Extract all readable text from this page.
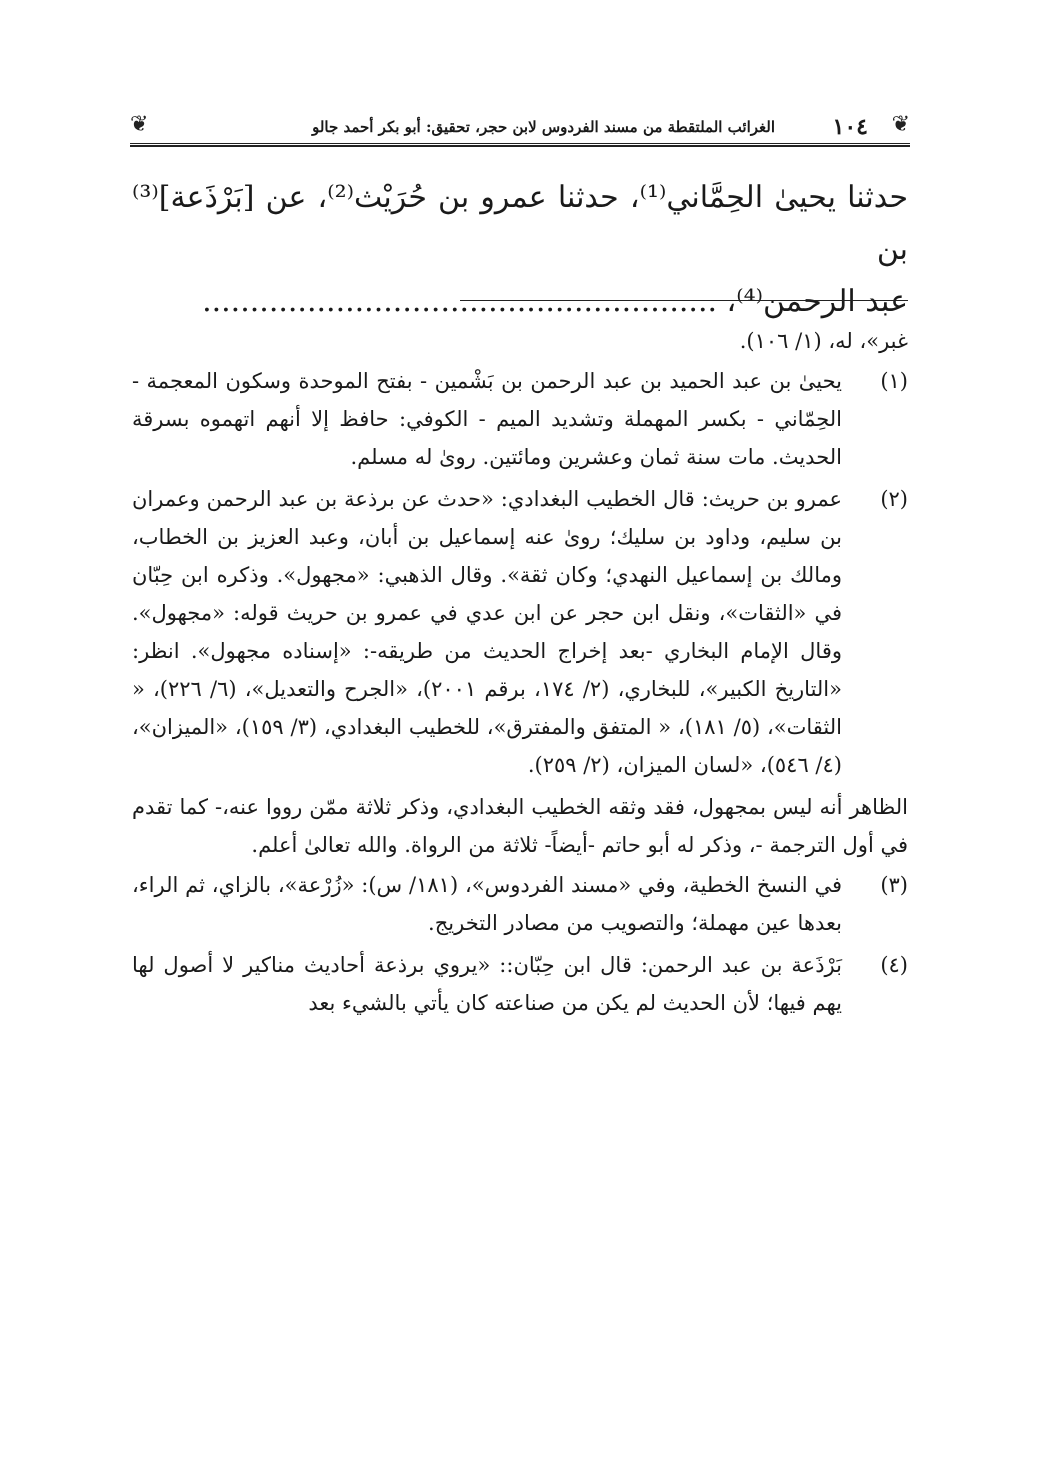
❦
١٠٤
الغرائب الملتقطة من مسند الفردوس لابن حجر، تحقيق: أبو بكر أحمد جالو
❦

حدثنا يحيىٰ الحِمَّاني⁽¹⁾، حدثنا عمرو بن حُرَيْث⁽²⁾، عن [بَرْذَعة]⁽³⁾ بن

عبد الرحمن⁽⁴⁾، ......................................................

غبر»، له، (١/ ١٠٦).

(١)

يحيىٰ بن عبد الحميد بن عبد الرحمن بن بَشْمين - بفتح الموحدة وسكون المعجمة - الحِمّاني - بكسر المهملة وتشديد الميم - الكوفي: حافظ إلا أنهم اتهموه بسرقة الحديث. مات سنة ثمان وعشرين ومائتين. روىٰ له مسلم.

(٢)

عمرو بن حريث: قال الخطيب البغدادي: «حدث عن برذعة بن عبد الرحمن وعمران بن سليم، وداود بن سليك؛ روىٰ عنه إسماعيل بن أبان، وعبد العزيز بن الخطاب، ومالك بن إسماعيل النهدي؛ وكان ثقة». وقال الذهبي: «مجهول». وذكره ابن حِبّان في «الثقات»، ونقل ابن حجر عن ابن عدي في عمرو بن حريث قوله: «مجهول». وقال الإمام البخاري -بعد إخراج الحديث من طريقه-: «إسناده مجهول». انظر: «التاريخ الكبير»، للبخاري، (٢/ ١٧٤، برقم ٢٠٠١)، «الجرح والتعديل»، (٦/ ٢٢٦)، « الثقات»، (٥/ ١٨١)، « المتفق والمفترق»، للخطيب البغدادي، (٣/ ١٥٩)، «الميزان»، (٤/ ٥٤٦)، «لسان الميزان، (٢/ ٢٥٩).

الظاهر أنه ليس بمجهول، فقد وثقه الخطيب البغدادي، وذكر ثلاثة ممّن رووا عنه،- كما تقدم في أول الترجمة -، وذكر له أبو حاتم -أيضاً- ثلاثة من الرواة. والله تعالىٰ أعلم.

(٣)

في النسخ الخطية، وفي «مسند الفردوس»، (١٨١/ س): «زُرْعة»، بالزاي، ثم الراء، بعدها عين مهملة؛ والتصويب من مصادر التخريج.

(٤)

بَرْذَعة بن عبد الرحمن: قال ابن حِبّان:: «يروي برذعة أحاديث مناكير لا أصول لها يهم فيها؛ لأن الحديث لم يكن من صناعته كان يأتي بالشيء بعد
